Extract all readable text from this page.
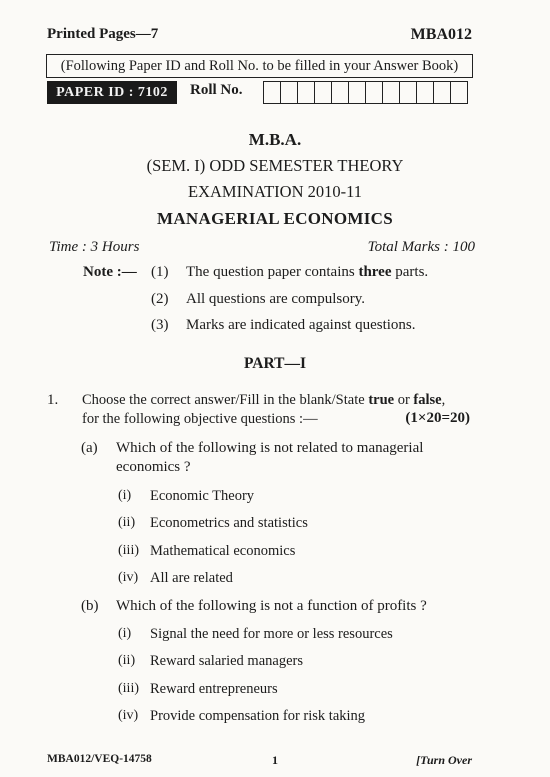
Printed Pages—7	MBA012
(Following Paper ID and Roll No. to be filled in your Answer Book)
PAPER ID : 7102	Roll No.
M.B.A.
(SEM. I) ODD SEMESTER THEORY
EXAMINATION 2010-11
MANAGERIAL ECONOMICS
Time : 3 Hours	Total Marks : 100
Note :— (1) The question paper contains three parts.
(2) All questions are compulsory.
(3) Marks are indicated against questions.
PART—I
1. Choose the correct answer/Fill in the blank/State true or false,
for the following objective questions :—	(1×20=20)
(a) Which of the following is not related to managerial
economics ?
(i) Economic Theory
(ii) Econometrics and statistics
(iii) Mathematical economics
(iv) All are related
(b) Which of the following is not a function of profits ?
(i) Signal the need for more or less resources
(ii) Reward salaried managers
(iii) Reward entrepreneurs
(iv) Provide compensation for risk taking
MBA012/VEQ-14758	1	[Turn Over
